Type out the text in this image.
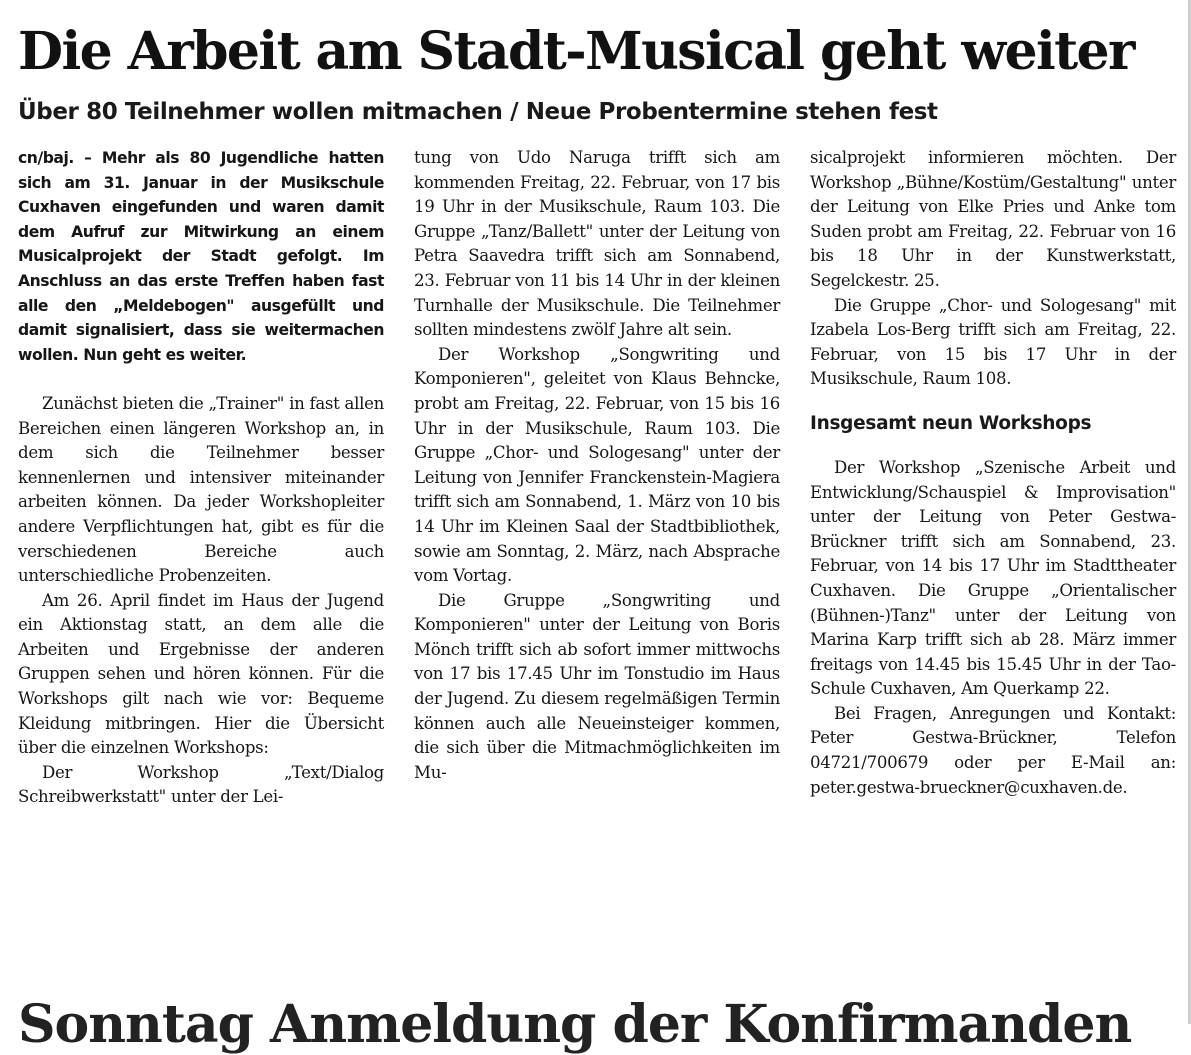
Die Arbeit am Stadt-Musical geht weiter
Über 80 Teilnehmer wollen mitmachen / Neue Probentermine stehen fest

cn/baj. – Mehr als 80 Jugendliche hatten sich am 31. Januar in der Musikschule Cuxhaven eingefunden und waren damit dem Aufruf zur Mitwirkung an einem Musicalprojekt der Stadt gefolgt. Im Anschluss an das erste Treffen haben fast alle den „Meldebogen" ausgefüllt und damit signalisiert, dass sie weitermachen wollen. Nun geht es weiter.

Zunächst bieten die „Trainer" in fast allen Bereichen einen längeren Workshop an, in dem sich die Teilnehmer besser kennenlernen und intensiver miteinander arbeiten können. Da jeder Workshopleiter andere Verpflichtungen hat, gibt es für die verschiedenen Bereiche auch unterschiedliche Probenzeiten.

Am 26. April findet im Haus der Jugend ein Aktionstag statt, an dem alle die Arbeiten und Ergebnisse der anderen Gruppen sehen und hören können. Für die Workshops gilt nach wie vor: Bequeme Kleidung mitbringen. Hier die Übersicht über die einzelnen Workshops:

Der Workshop „Text/Dialog Schreibwerkstatt" unter der Lei-

tung von Udo Naruga trifft sich am kommenden Freitag, 22. Februar, von 17 bis 19 Uhr in der Musikschule, Raum 103. Die Gruppe „Tanz/Ballett" unter der Leitung von Petra Saavedra trifft sich am Sonnabend, 23. Februar von 11 bis 14 Uhr in der kleinen Turnhalle der Musikschule. Die Teilnehmer sollten mindestens zwölf Jahre alt sein.

Der Workshop „Songwriting und Komponieren", geleitet von Klaus Behncke, probt am Freitag, 22. Februar, von 15 bis 16 Uhr in der Musikschule, Raum 103. Die Gruppe „Chor- und Sologesang" unter der Leitung von Jennifer Franckenstein-Magiera trifft sich am Sonnabend, 1. März von 10 bis 14 Uhr im Kleinen Saal der Stadtbibliothek, sowie am Sonntag, 2. März, nach Absprache vom Vortag.

Die Gruppe „Songwriting und Komponieren" unter der Leitung von Boris Mönch trifft sich ab sofort immer mittwochs von 17 bis 17.45 Uhr im Tonstudio im Haus der Jugend. Zu diesem regelmäßigen Termin können auch alle Neueinsteiger kommen, die sich über die Mitmachmöglichkeiten im Mu-

sicalprojekt informieren möchten. Der Workshop „Bühne/Kostüm/Gestaltung" unter der Leitung von Elke Pries und Anke tom Suden probt am Freitag, 22. Februar von 16 bis 18 Uhr in der Kunstwerkstatt, Segelckestr. 25.

Die Gruppe „Chor- und Sologesang" mit Izabela Los-Berg trifft sich am Freitag, 22. Februar, von 15 bis 17 Uhr in der Musikschule, Raum 108.

Insgesamt neun Workshops

Der Workshop „Szenische Arbeit und Entwicklung/Schauspiel & Improvisation" unter der Leitung von Peter Gestwa-Brückner trifft sich am Sonnabend, 23. Februar, von 14 bis 17 Uhr im Stadttheater Cuxhaven. Die Gruppe „Orientalischer (Bühnen-)Tanz" unter der Leitung von Marina Karp trifft sich ab 28. März immer freitags von 14.45 bis 15.45 Uhr in der Tao-Schule Cuxhaven, Am Querkamp 22.

Bei Fragen, Anregungen und Kontakt: Peter Gestwa-Brückner, Telefon 04721/700679 oder per E-Mail an: peter.gestwa-brueckner@cuxhaven.de.

Sonntag Anmeldung der Konfirmanden
